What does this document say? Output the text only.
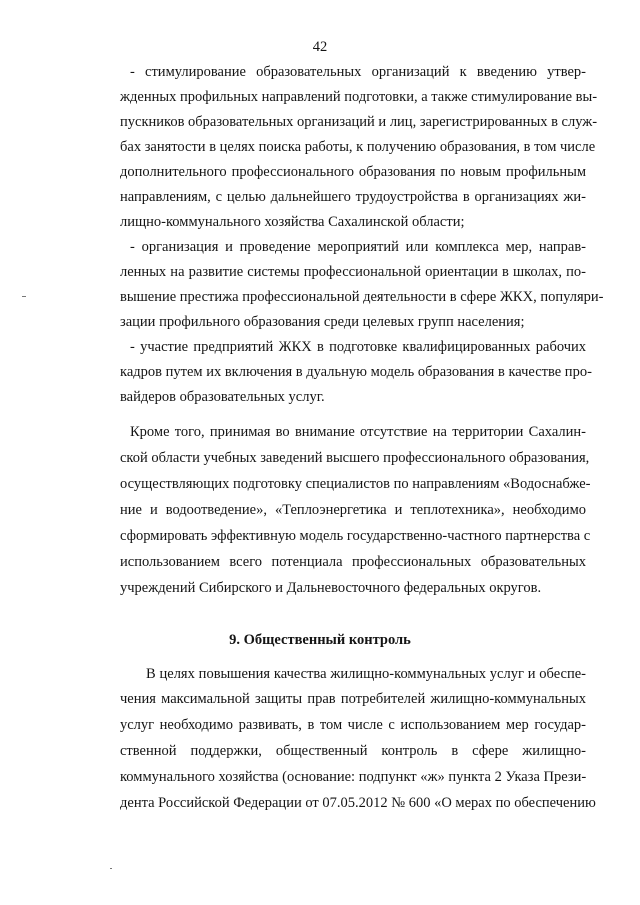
42
- стимулирование образовательных организаций к введению утвер-
жденных профильных направлений подготовки, а также стимулирование вы-
пускников образовательных организаций и лиц, зарегистрированных в служ-
бах занятости в целях поиска работы, к получению образования, в том числе
дополнительного профессионального образования по новым профильным
направлениям, с целью дальнейшего трудоустройства в организациях жи-
лищно-коммунального хозяйства Сахалинской области;
- организация и проведение мероприятий или комплекса мер, направ-
ленных на развитие системы профессиональной ориентации в школах, по-
вышение престижа профессиональной деятельности в сфере ЖКХ, популяри-
зации профильного образования среди целевых групп населения;
- участие предприятий ЖКХ в подготовке квалифицированных рабочих
кадров путем их включения в дуальную модель образования в качестве про-
вайдеров образовательных услуг.
Кроме того, принимая во внимание отсутствие на территории Сахалин-
ской области учебных заведений высшего профессионального образования,
осуществляющих подготовку специалистов по направлениям «Водоснабже-
ние и водоотведение», «Теплоэнергетика и теплотехника», необходимо
сформировать эффективную модель государственно-частного партнерства с
использованием всего потенциала профессиональных образовательных
учреждений Сибирского и Дальневосточного федеральных округов.
9. Общественный контроль
В целях повышения качества жилищно-коммунальных услуг и обеспе-
чения максимальной защиты прав потребителей жилищно-коммунальных
услуг необходимо развивать, в том числе с использованием мер государ-
ственной поддержки, общественный контроль в сфере жилищно-
коммунального хозяйства (основание: подпункт «ж» пункта 2 Указа Прези-
дента Российской Федерации от 07.05.2012 № 600 «О мерах по обеспечению
